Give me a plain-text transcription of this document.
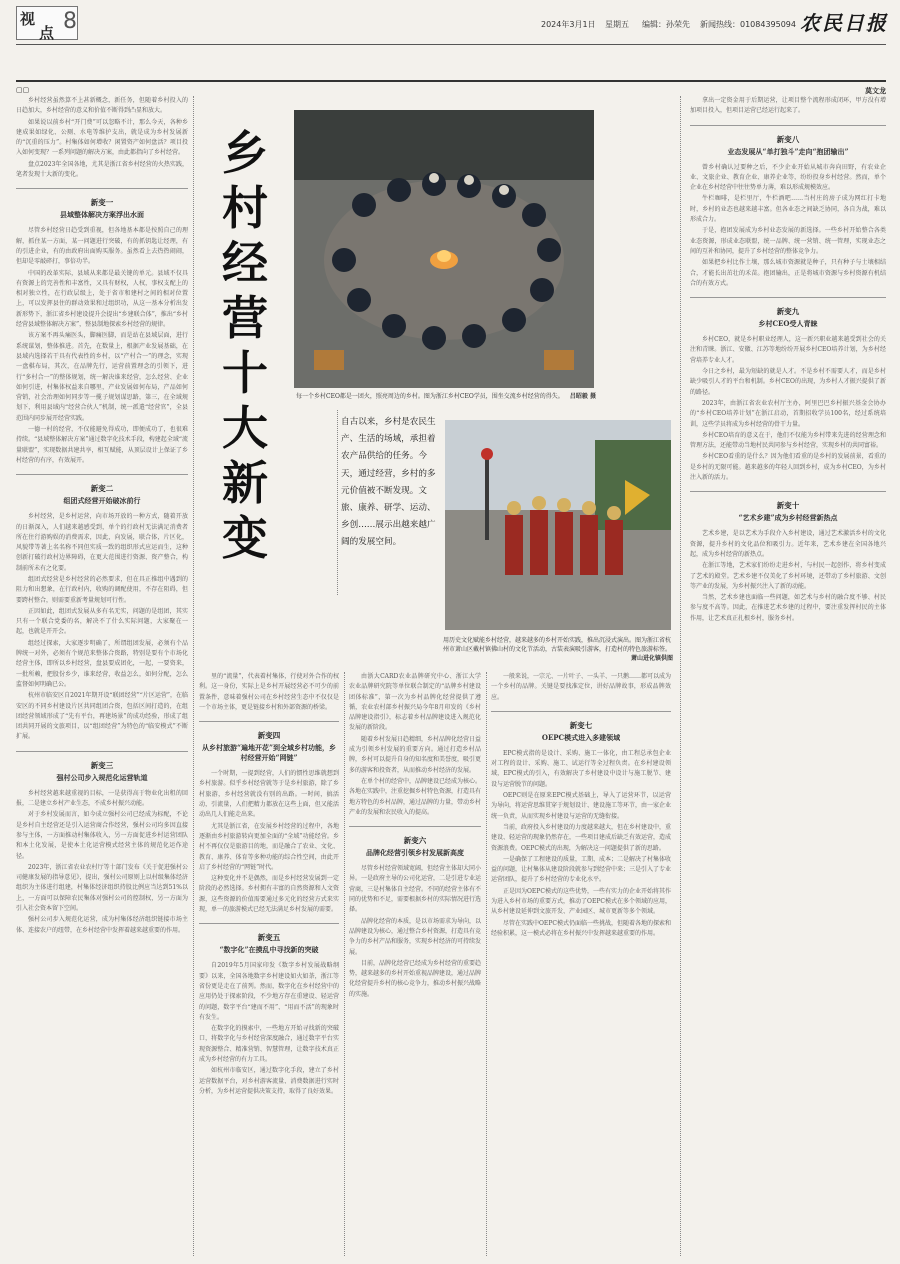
视
点 8	2024年3月1日 星期五 编辑：孙荣先 新闻热线：01084395094 农民日报
▢▢	莫文龙
乡村经营十大新变
每一个乡村CEO都是一团火，照亮周边的乡村。图为浙江乡村CEO学员，围坐交流乡村经营的得失。 吕昭毅 摄
自古以来，乡村是农民生产、生活的场域，承担着农产品供给的任务。今天，通过经营，乡村的多元价值被不断发现。文旅、康养、研学、运动、乡创……展示出越来越广阔的发展空间。
用历史文化赋能乡村经营，越来越多的乡村开始实践，推出沉浸式演出。图为浙江省杭州市萧山区戴村镇佛山村的文化节活动，古装表演吸引游客，打造村的特色旅游标签。
萧山进化镇供图

乡村经营虽然算不上甚新概念，新任务，但随着乡村投入的日趋加大，乡村经营的意义和价值不断得到凸显和放大。

如果说以前乡村“开门费”可以忽略不计，那么今天，各种乡建成果如绿化、公厕、水电等维护支出，就是成为乡村发展新的“沉重的压力”。村集体如何增收？闲置资产如何盘活？项目投入如何变现？一系列问题的解决方案，由此都指向了乡村经营。

盘点2023年全国各地，尤其是浙江省乡村经营的火热实践，笔者发现十大新的变化。

新变一
县域整体解决方案浮出水面

尽管乡村经营日趋受到重视，但各地基本都是按照自己的理解，抓住某一方面，某一问题进行突破，有的抓钥匙让经理，有的引进企业，有的由政府出面购买服务。虽然看上去热热闹闹，但却是零敲碎打，事倍功半。

中国的改革实际，县域从来都是最关键的单元。县域不仅具有资源上的完善性和丰富性，又具有财权，人权，事权支配上的相对独立性，在行政层级上，处于省市和建村之间的相对位置上，可以发挥县住的群动效果和过组织功，从这一基本分析出发新形势下，浙江省乡村建设提升会提出“乡建联合体”，推出“乡村经营县域整体解决方案”，整县制地探索乡村经营的规律。

该方案不再头痛医头，脚痛医脚，而是站在县域层面，进行系统谋划，整体推进。首先，在数量上，根据产业发展基础，在县域内选择若干具有代表性的乡村，以“产村合一”的理念，实现一盘棋布局，其次，在品牌先行，运营前置理念的引领下，进行“多村合一”的整体规划，统一解决谁来经营，怎么经营、企业如何引进，村集体权益来自哪里，产业发展如何布局，产品如何营销，社会治理如何同步等一揽子规划谋思路，第三，在全域规划下，利用县域内“经营合伙人”机制，统一派遣“经营官”，全县范围内同步展开经营实践。

一德一村的经营，不仅能避免得成功，即便成功了，也很难持续。“县域整体解决方案”通过数字化技术手段，构建起全域“流量联盟”，实现数据共建共享，相互赋能，从顶层设计上保证了乡村经营的有序，有效展开。

新变二
组团式经营开始破冰前行

乡村经营，是乡村运营，向市场开放的一种方式，随着开放的日渐深入，人们越来越感受到，单个的行政村无法满足消费者所在住行游购娱的消费需求，因此，向发展，联合体，片区化，风貌带等著上名名称不同但实质一致的组织形式应运而生，这种创新打破行政村边界障碍，在更大范围进行资源、资产整合，构制前所未有之化要。

组团式经营是乡村经营的必然要求，但在具正推组中遇到的阻力和出想象，在行政村内，收购的调配使用，不存在阻碍，但要跨村整合，则需要重新考量规划可行性。

正因如此，组团式发展从多有名无实，问题的是组团，其实只有一个联合党委的名，解决不了什么实际问题，大家聚在一起，也就是开开会。

组经过探索，大家逐步明确了，所谓组团发展，必须有个品牌统一对外，必须有个规范来整体合资路，特别是要有个市场化经营主体，即所以乡村经营，盘县要成团化，一起，一要资来，一批所赖，把股份乡少，谁来经营，收益怎么，如何分配，怎么监督如何明确已公。

杭州市临安区自2021年期开设“联团经营”“片区运营”，在临安区的不同乡村建设片区共同组团合资，包括区间打造的，在组团经营领域形成了“先有平台，再建场景”的成功经验，形成了组团共同开展的文旅项目，以“组团经营”为特色的“临安模式”不断扩展。

新变三
强村公司步入规范化运营轨道

乡村经营越来越重视的目标，一是获得高于物业化出租的回报，二是建立乡村产业生态，不成乡村振兴动能。

对于乡村发展而言，如今成立强村公司已经成为标配，不论是乡村自主经营还是引入运营商合作经营，强村公司均多因直接参与主体，一方面推动村集体收入，另一方面促进乡村运营团队和本土化发展，是使本土化运营模式经营主体的规范化运作途径。

2023年，浙江省农业农村厅等十部门发布《关于促进强村公司健康发展的指导意见》，提出，强村公司原则上以村级集体经济组织为主体进行组建，村集体经济组织持股比例应当达到51%以上，一方面可以保障农民集体对强村公司的控制权，另一方面为引入社会资本留下空间。

强村公司步入规范化运营，成为村集体经济组织链接市场主体、连接农户的纽带，在乡村经营中发挥着越来越重要的作用。

里的“流量”，代表着村集体，行使对外合作的权利。这一身份，实际上是乡村开展经营必不可少的前置条件，意味着强村公司在乡村经营生态中不仅仅是一个市场主体，更是链接乡村和外部资源的桥梁。

新变四
从乡村旅游“遍地开花”到全域乡村功能，乡村经营开始“网链”

一个时期，一提到经营，人们的惯性思维就想到乡村旅游。似乎乡村经营就等于是乡村旅游，除了乡村旅游，乡村经营就没有别的出路。一时间，搞活动，引流量，人们把精力都放在这些上面，但又能活动出几人们能走出来。

尤其是浙江省，在发展乡村经营的过程中，各地逐渐由乡村旅游转向更加全面的“全域”功能经营。乡村不再仅仅是旅游目的地，而是融合了农业、文化、教育、康养、体育等多种功能的综合性空间，由此开启了乡村经营的“网链”时代。

这种变化并不是偶然，而是乡村经营发展到一定阶段的必然选择。乡村拥有丰富的自然资源和人文资源，这些资源的价值需要通过多元化的经营方式来实现，单一的旅游模式已经无法满足乡村发展的需要。

新变五
“数字化”在摸乱中寻找新的突破

自2019年5月国家印发《数字乡村发展战略纲要》以来，全国各地数字乡村建设如火如荼，浙江等省份更是走在了前列。然而，数字化在乡村经营中的应用仍处于探索阶段，不少地方存在重建设、轻运营的问题，数字平台“建而不用”、“用而不活”的现象时有发生。

在数字化的摸索中，一些地方开始寻找新的突破口，将数字化与乡村经营深度融合，通过数字平台实现资源整合、精准营销、智慧管理，让数字技术真正成为乡村经营的有力工具。

如杭州市临安区，通过数字化手段，建立了乡村运营数据平台，对乡村游客流量、消费数据进行实时分析，为乡村运营提供决策支持，取得了良好效果。

由浙大CARD农业品牌研究中心、浙江大学农业品牌研究院等单位联合制定的“品牌乡村建设团体标准”，第一次为乡村品牌化经营提供了遵循，农业农村部乡村振兴局今年8月印发的《乡村品牌建设指引》，标志着乡村品牌建设进入规范化发展的新阶段。

随着乡村发展日趋精细，乡村品牌化经营日益成为引领乡村发展的重要方向。通过打造乡村品牌，乡村可以提升自身的知名度和美誉度，吸引更多的游客和投资者，从而推动乡村经济的发展。

在单个村的经营中，品牌建设已经成为核心。各地在实践中，注重挖掘乡村特色资源，打造具有地方特色的乡村品牌，通过品牌的力量，带动乡村产业的发展和农民收入的提高。

新变六
品牌化经营引领乡村发展新高度

尽管乡村经营领域宽阔，但经营主体却大同小异。一是政府主导的公司化运营，二是引进专业运营商，三是村集体自主经营。不同的经营主体有不同的优势和不足，需要根据乡村的实际情况进行选择。

品牌化经营的本质，是以市场需求为导向，以品牌建设为核心，通过整合乡村资源，打造具有竞争力的乡村产品和服务，实现乡村经济的可持续发展。

目前，品牌化经营已经成为乡村经营的重要趋势，越来越多的乡村开始重视品牌建设，通过品牌化经营提升乡村的核心竞争力，推动乡村振兴战略的实施。

一般来说，一宗元、一片叶子、一头羊、一只鹅……都可以成为一个乡村的品牌。关键是要找准定位，讲好品牌故事，形成品牌效应。

新变七
OEPC模式进入多建领域

EPC模式指的是设计、采购、施工一体化，由工程总承包企业对工程的设计、采购、施工、试运行等全过程负责。在乡村建设领域，EPC模式的引入，有效解决了乡村建设中设计与施工脱节、建设与运营脱节的问题。

OEPC则是在原来EPC模式基础上，导入了运营环节，以运营为导向，将运营思维贯穿于规划设计、建设施工等环节，由一家企业统一负责，从而实现乡村建设与运营的无缝衔接。

当前，政府投入乡村建设的力度越来越大，但在乡村建设中，重建设、轻运营的现象仍然存在，一些项目建成后缺乏有效运营，造成资源浪费。OEPC模式的出现，为解决这一问题提供了新的思路。

一是确保了工程建设的质量，工期、成本；二是解决了村集体收益的问题，让村集体从建设阶段就参与到经营中来；三是引入了专业运营团队，提升了乡村经营的专业化水平。

正是因为OEPC模式的这些优势，一些有实力的企业开始将其作为进入乡村市场的重要方式，推动了OEPC模式在多个领域的应用，从乡村建设延伸到文旅开发、产业园区、城市更新等多个领域。

尽管在实践中OEPC模式仍面临一些挑战，但随着各地的探索和经验积累，这一模式必将在乡村振兴中发挥越来越重要的作用。

拿出一定资金用于后期运营，让项目整个流程形成闭环，甲方没有增加项目投入，但项目运营已经运行起来了。

新变八
业态发展从“单打独斗”走向“抱团输出”

曾乡村确认过要种之后，不少企业开始从城市奔向田野，有农业企业、文旅企业、教育企业、康养企业等，纷纷投身乡村经营。然而，单个企业在乡村经营中往往势单力薄，难以形成规模效应。

牛栏咖啡，是栏里厅，牛栏酒吧……当村庄的房子成为网红打卡地时，乡村的业态也越来越丰富。但各业态之间缺乏协同，各自为战，难以形成合力。

于是，抱团发展成为乡村业态发展的新选择。一些乡村开始整合各类业态资源，形成业态联盟，统一品牌、统一营销、统一管理，实现业态之间的互补和协同，提升了乡村经营的整体竞争力。

如果把乡村比作土壤，那么城市资源就是种子，只有种子与土壤相结合，才能长出茁壮的禾苗。抱团输出，正是将城市资源与乡村资源有机结合的有效方式。

新变九
乡村CEO受人青睐

乡村CEO，就是乡村职业经理人，这一新兴职业越来越受到社会的关注和青睐。浙江、安徽、江苏等地纷纷开展乡村CEO培养计划，为乡村经营培养专业人才。

今日之乡村，最为短缺的就是人才。不是乡村不需要人才，而是乡村缺少吸引人才的平台和机制。乡村CEO的出现，为乡村人才振兴提供了新的路径。

2023年，由浙江省农业农村厅主办，阿里巴巴乡村振兴基金会协办的“乡村CEO培养计划”在浙江启动，首期招收学员100名，经过系统培训，这些学员将成为乡村经营的骨干力量。

乡村CEO培育的意义在于，他们不仅能为乡村带来先进的经营理念和管理方法，还能带动当地村民共同参与乡村经营，实现乡村的共同富裕。

乡村CEO看重的是什么？因为他们看重的是乡村的发展前景，看重的是乡村的无限可能。越来越多的年轻人回到乡村，成为乡村CEO，为乡村注入新的活力。

新变十
“艺术乡建”成为乡村经营新热点

艺术乡建，是以艺术为手段介入乡村建设，通过艺术激活乡村的文化资源，提升乡村的文化品位和吸引力。近年来，艺术乡建在全国各地兴起，成为乡村经营的新热点。

在浙江等地，艺术家们纷纷走进乡村，与村民一起创作，将乡村变成了艺术的殿堂。艺术乡建不仅美化了乡村环境，还带动了乡村旅游、文创等产业的发展，为乡村振兴注入了新的动能。

当然，艺术乡建也面临一些问题，如艺术与乡村的融合度不够、村民参与度不高等。因此，在推进艺术乡建的过程中，要注重发挥村民的主体作用，让艺术真正扎根乡村，服务乡村。
